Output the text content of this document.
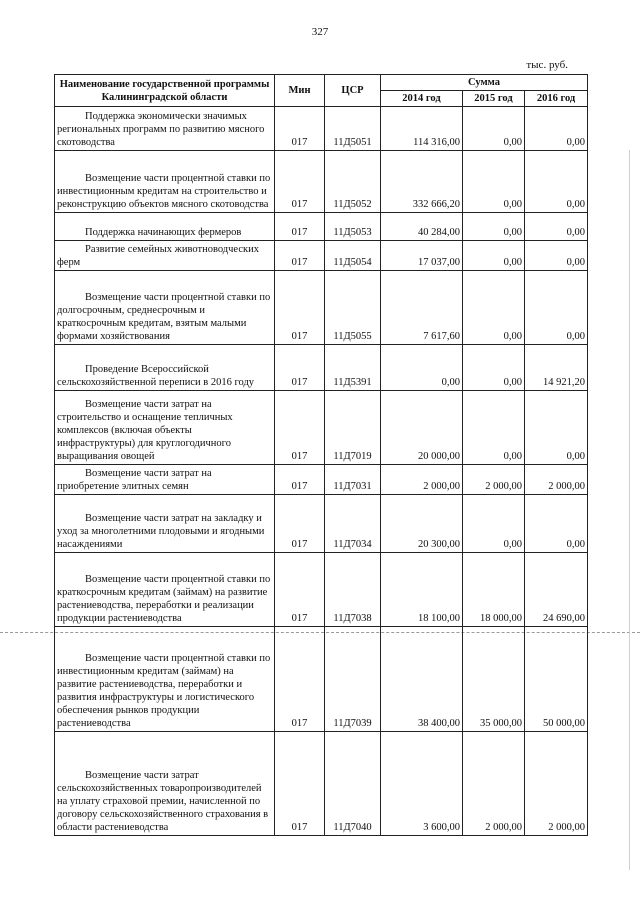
327
тыс. руб.
Наименование государственной программы Калининградской области	Мин	ЦСР	Сумма		
			2014 год	2015 год	2016 год
Поддержка экономически значимых региональных программ по развитию мясного скотоводства	017	11Д5051	114 316,00	0,00	0,00
Возмещение части процентной ставки по инвестиционным кредитам на строительство и реконструкцию объектов мясного скотоводства	017	11Д5052	332 666,20	0,00	0,00
Поддержка начинающих фермеров	017	11Д5053	40 284,00	0,00	0,00
Развитие семейных животноводческих ферм	017	11Д5054	17 037,00	0,00	0,00
Возмещение части процентной ставки по долгосрочным, среднесрочным и краткосрочным кредитам, взятым малыми формами хозяйствования	017	11Д5055	7 617,60	0,00	0,00
Проведение Всероссийской сельскохозяйственной переписи в 2016 году	017	11Д5391	0,00	0,00	14 921,20
Возмещение части затрат на строительство и оснащение тепличных комплексов (включая объекты инфраструктуры) для круглогодичного выращивания овощей	017	11Д7019	20 000,00	0,00	0,00
Возмещение части затрат на приобретение элитных семян	017	11Д7031	2 000,00	2 000,00	2 000,00
Возмещение части затрат на закладку и уход за многолетними плодовыми и ягодными насаждениями	017	11Д7034	20 300,00	0,00	0,00
Возмещение части процентной ставки по краткосрочным кредитам (займам) на развитие растениеводства, переработки и реализации продукции растениеводства	017	11Д7038	18 100,00	18 000,00	24 690,00
Возмещение части процентной ставки по инвестиционным кредитам (займам) на развитие растениеводства, переработки и развития инфраструктуры и логистического обеспечения рынков продукции растениеводства	017	11Д7039	38 400,00	35 000,00	50 000,00
Возмещение части затрат сельскохозяйственных товаропроизводителей на уплату страховой премии, начисленной по договору сельскохозяйственного страхования в области растениеводства	017	11Д7040	3 600,00	2 000,00	2 000,00
